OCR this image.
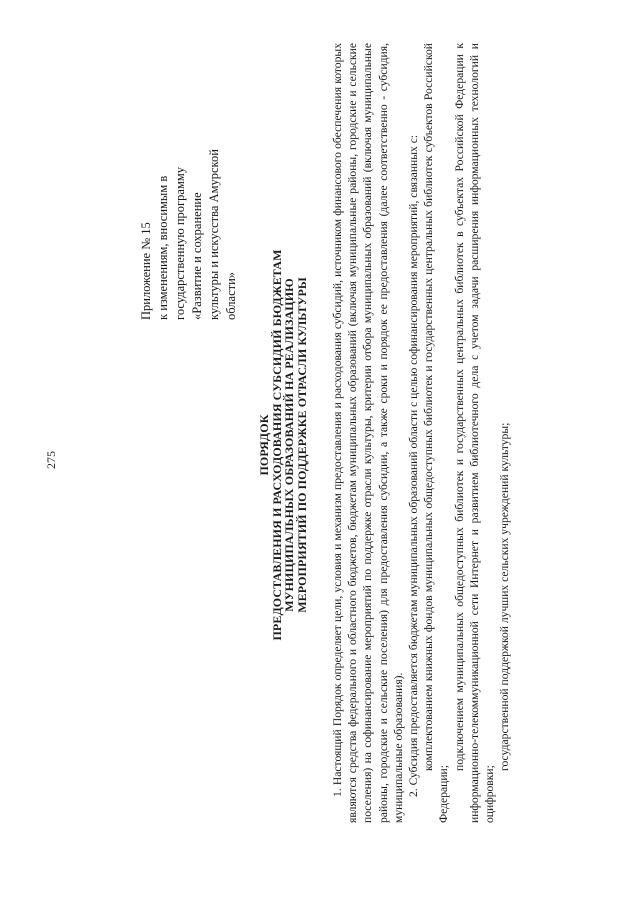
275
Приложение № 15 к изменениям, вносимым в государственную программу «Развитие и сохранение культуры и искусства Амурской области»
ПОРЯДОК
ПРЕДОСТАВЛЕНИЯ И РАСХОДОВАНИЯ СУБСИДИЙ БЮДЖЕТАМ
МУНИЦИПАЛЬНЫХ ОБРАЗОВАНИЙ НА РЕАЛИЗАЦИЮ
МЕРОПРИЯТИЙ ПО ПОДДЕРЖКЕ ОТРАСЛИ КУЛЬТУРЫ 1. Настоящий Порядок определяет цели, условия и механизм предоставления и расходования субсидий, источником финансового обеспечения которых являются средства федерального и областного бюджетов, бюджетам муниципальных образований (включая муниципальные районы, городские и сельские поселения) на софинансирование мероприятий по поддержке отрасли культуры, критерии отбора муниципальных образований (включая муниципальные районы, городские и сельские поселения) для предоставления субсидии, а также сроки и порядок ее предоставления (далее соответственно - субсидия, муниципальные образования). 2. Субсидия предоставляется бюджетам муниципальных образований области с целью софинансирования мероприятий, связанных с: комплектованием книжных фондов муниципальных общедоступных библиотек и государственных центральных библиотек субъектов Российской Федерации;

подключением муниципальных общедоступных библиотек и государственных центральных библиотек в субъектах Российской Федерации к информационно-телекоммуникационной сети Интернет и развитием библиотечного дела с учетом задачи расширения информационных технологий и оцифровки;

государственной поддержкой лучших сельских учреждений культуры;
